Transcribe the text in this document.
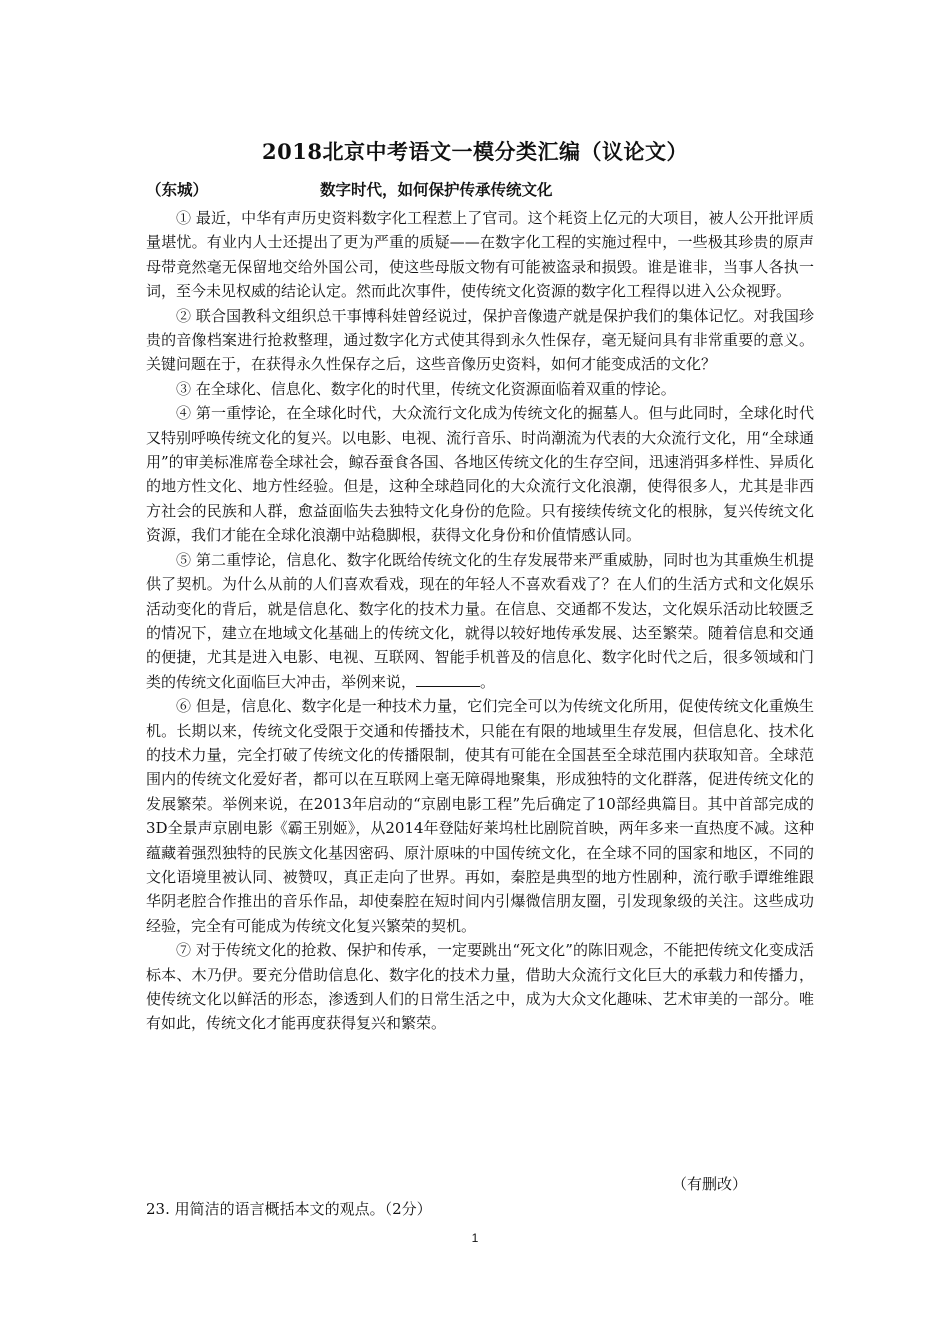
2018北京中考语文一模分类汇编（议论文）
（东城）	数字时代，如何保护传承传统文化

① 最近，中华有声历史资料数字化工程惹上了官司。这个耗资上亿元的大项目，被人公开批评质量堪忧。有业内人士还提出了更为严重的质疑——在数字化工程的实施过程中，一些极其珍贵的原声母带竟然毫无保留地交给外国公司，使这些母版文物有可能被盗录和损毁。谁是谁非，当事人各执一词，至今未见权威的结论认定。然而此次事件，使传统文化资源的数字化工程得以进入公众视野。

② 联合国教科文组织总干事博科娃曾经说过，保护音像遗产就是保护我们的集体记忆。对我国珍贵的音像档案进行抢救整理，通过数字化方式使其得到永久性保存，毫无疑问具有非常重要的意义。关键问题在于，在获得永久性保存之后，这些音像历史资料，如何才能变成活的文化？

③ 在全球化、信息化、数字化的时代里，传统文化资源面临着双重的悖论。

④ 第一重悖论，在全球化时代，大众流行文化成为传统文化的掘墓人。但与此同时，全球化时代又特别呼唤传统文化的复兴。以电影、电视、流行音乐、时尚潮流为代表的大众流行文化，用“全球通用”的审美标准席卷全球社会，鲸吞蚕食各国、各地区传统文化的生存空间，迅速消弭多样性、异质化的地方性文化、地方性经验。但是，这种全球趋同化的大众流行文化浪潮，使得很多人，尤其是非西方社会的民族和人群，愈益面临失去独特文化身份的危险。只有接续传统文化的根脉，复兴传统文化资源，我们才能在全球化浪潮中站稳脚根，获得文化身份和价值情感认同。

⑤ 第二重悖论，信息化、数字化既给传统文化的生存发展带来严重威胁，同时也为其重焕生机提供了契机。为什么从前的人们喜欢看戏，现在的年轻人不喜欢看戏了？在人们的生活方式和文化娱乐活动变化的背后，就是信息化、数字化的技术力量。在信息、交通都不发达，文化娱乐活动比较匮乏的情况下，建立在地域文化基础上的传统文化，就得以较好地传承发展、达至繁荣。随着信息和交通的便捷，尤其是进入电影、电视、互联网、智能手机普及的信息化、数字化时代之后，很多领域和门类的传统文化面临巨大冲击，举例来说，	。

⑥ 但是，信息化、数字化是一种技术力量，它们完全可以为传统文化所用，促使传统文化重焕生机。长期以来，传统文化受限于交通和传播技术，只能在有限的地域里生存发展，但信息化、技术化的技术力量，完全打破了传统文化的传播限制，使其有可能在全国甚至全球范围内获取知音。全球范围内的传统文化爱好者，都可以在互联网上毫无障碍地聚集，形成独特的文化群落，促进传统文化的发展繁荣。举例来说，在2013年启动的“京剧电影工程”先后确定了10部经典篇目。其中首部完成的3D全景声京剧电影《霸王别姬》，从2014年登陆好莱坞杜比剧院首映，两年多来一直热度不减。这种蕴藏着强烈独特的民族文化基因密码、原汁原味的中国传统文化，在全球不同的国家和地区，不同的文化语境里被认同、被赞叹，真正走向了世界。再如，秦腔是典型的地方性剧种，流行歌手谭维维跟华阴老腔合作推出的音乐作品，却使秦腔在短时间内引爆微信朋友圈，引发现象级的关注。这些成功经验，完全有可能成为传统文化复兴繁荣的契机。

⑦ 对于传统文化的抢救、保护和传承，一定要跳出“死文化”的陈旧观念，不能把传统文化变成活标本、木乃伊。要充分借助信息化、数字化的技术力量，借助大众流行文化巨大的承载力和传播力，使传统文化以鲜活的形态，渗透到人们的日常生活之中，成为大众文化趣味、艺术审美的一部分。唯有如此，传统文化才能再度获得复兴和繁荣。

（有删改）
23. 用简洁的语言概括本文的观点。（2分）
1
